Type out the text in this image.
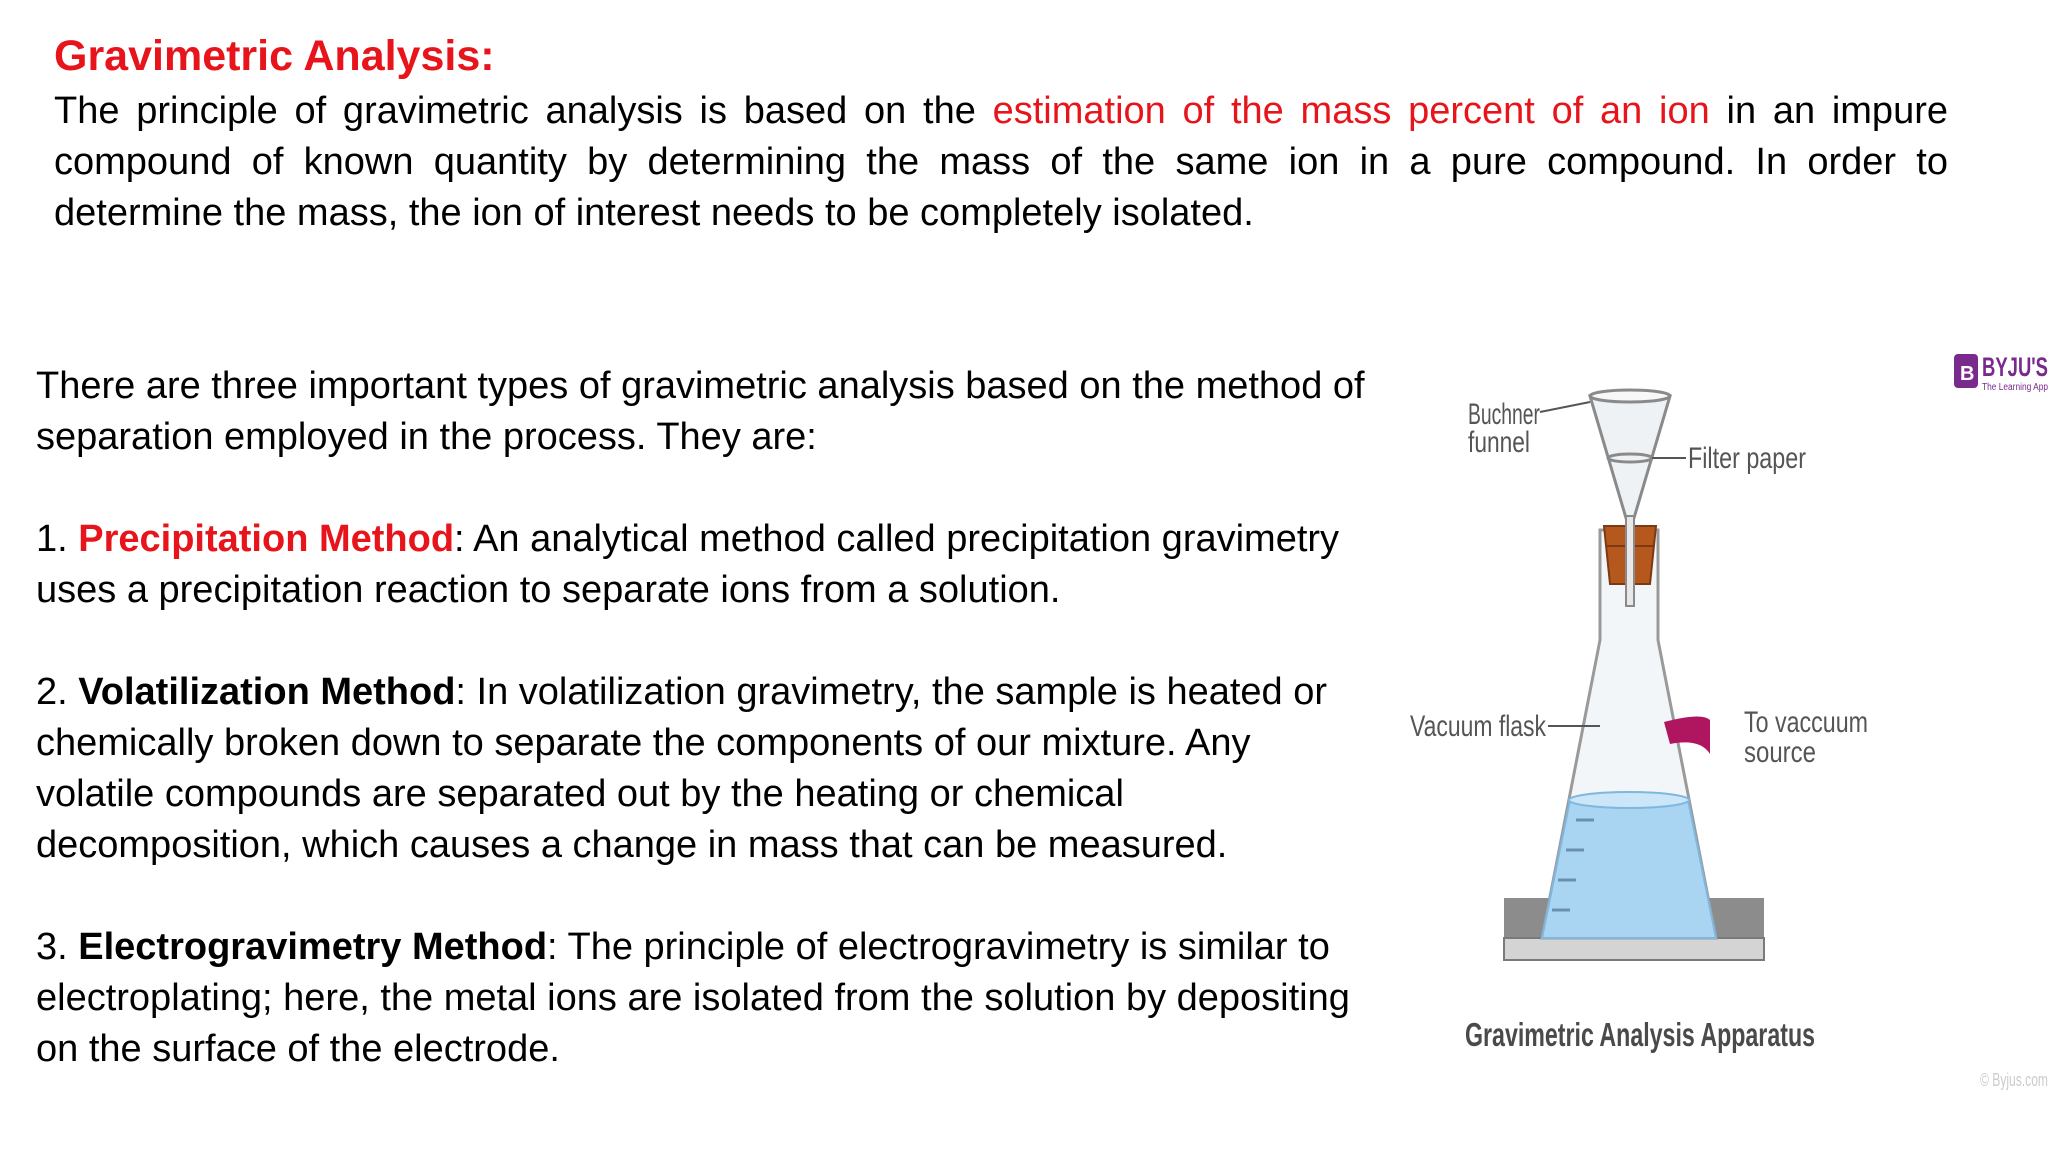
Gravimetric Analysis:
The principle of gravimetric analysis is based on the estimation of the mass percent of an ion in an impure compound of known quantity by determining the mass of the same ion in a pure compound. In order to determine the mass, the ion of interest needs to be completely isolated.

There are three important types of gravimetric analysis based on the method of separation employed in the process. They are:

1. Precipitation Method: An analytical method called precipitation gravimetry uses a precipitation reaction to separate ions from a solution.

2. Volatilization Method: In volatilization gravimetry, the sample is heated or chemically broken down to separate the components of our mixture. Any volatile compounds are separated out by the heating or chemical decomposition, which causes a change in mass that can be measured.

3. Electrogravimetry Method: The principle of electrogravimetry is similar to electroplating; here, the metal ions are isolated from the solution by depositing on the surface of the electrode.

Buchner
funnel	Filter paper
Vacuum flask	To vaccuum
source
Gravimetric Analysis Apparatus
B BYJU'S
The Learning App
© Byjus.com
